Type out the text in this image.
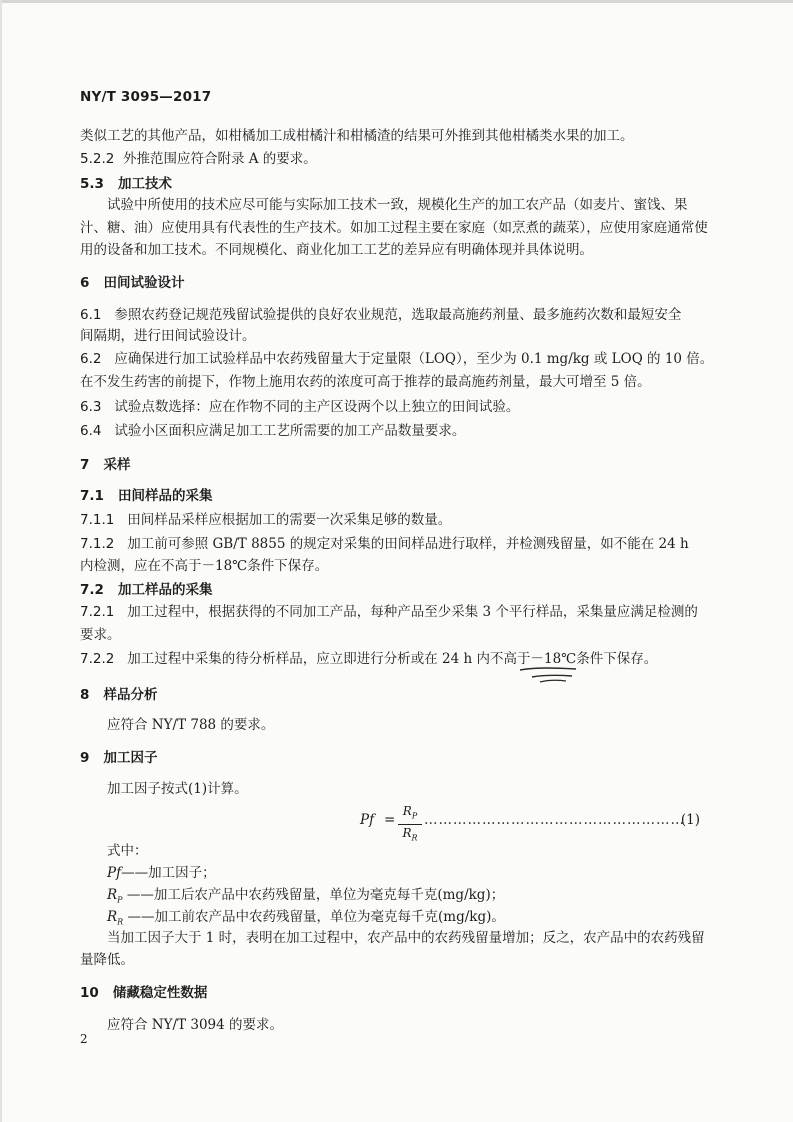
NY/T 3095—2017
类似工艺的其他产品，如柑橘加工成柑橘汁和柑橘渣的结果可外推到其他柑橘类水果的加工。
5.2.2 外推范围应符合附录 A 的要求。
5.3 加工技术
试验中所使用的技术应尽可能与实际加工技术一致，规模化生产的加工农产品（如麦片、蜜饯、果
汁、糖、油）应使用具有代表性的生产技术。如加工过程主要在家庭（如烹煮的蔬菜），应使用家庭通常使
用的设备和加工技术。不同规模化、商业化加工工艺的差异应有明确体现并具体说明。
6 田间试验设计
6.1 参照农药登记规范残留试验提供的良好农业规范，选取最高施药剂量、最多施药次数和最短安全
间隔期，进行田间试验设计。
6.2 应确保进行加工试验样品中农药残留量大于定量限（LOQ），至少为 0.1 mg/kg 或 LOQ 的 10 倍。
在不发生药害的前提下，作物上施用农药的浓度可高于推荐的最高施药剂量，最大可增至 5 倍。
6.3 试验点数选择：应在作物不同的主产区设两个以上独立的田间试验。
6.4 试验小区面积应满足加工工艺所需要的加工产品数量要求。
7 采样
7.1 田间样品的采集
7.1.1 田间样品采样应根据加工的需要一次采集足够的数量。
7.1.2 加工前可参照 GB/T 8855 的规定对采集的田间样品进行取样，并检测残留量，如不能在 24 h
内检测，应在不高于－18℃条件下保存。
7.2 加工样品的采集
7.2.1 加工过程中，根据获得的不同加工产品，每种产品至少采集 3 个平行样品，采集量应满足检测的
要求。
7.2.2 加工过程中采集的待分析样品，应立即进行分析或在 24 h 内不高于－18℃条件下保存。
8 样品分析
应符合 NY/T 788 的要求。
9 加工因子
加工因子按式(1)计算。
Pf =
$R_P$
$R_R$
………………………………………………
(1)
式中：
Pf——加工因子；
$R_P$ ——加工后农产品中农药残留量，单位为毫克每千克(mg/kg)；
$R_R$ ——加工前农产品中农药残留量，单位为毫克每千克(mg/kg)。
当加工因子大于 1 时，表明在加工过程中，农产品中的农药残留量增加；反之，农产品中的农药残留
量降低。
10 储藏稳定性数据
应符合 NY/T 3094 的要求。
2
